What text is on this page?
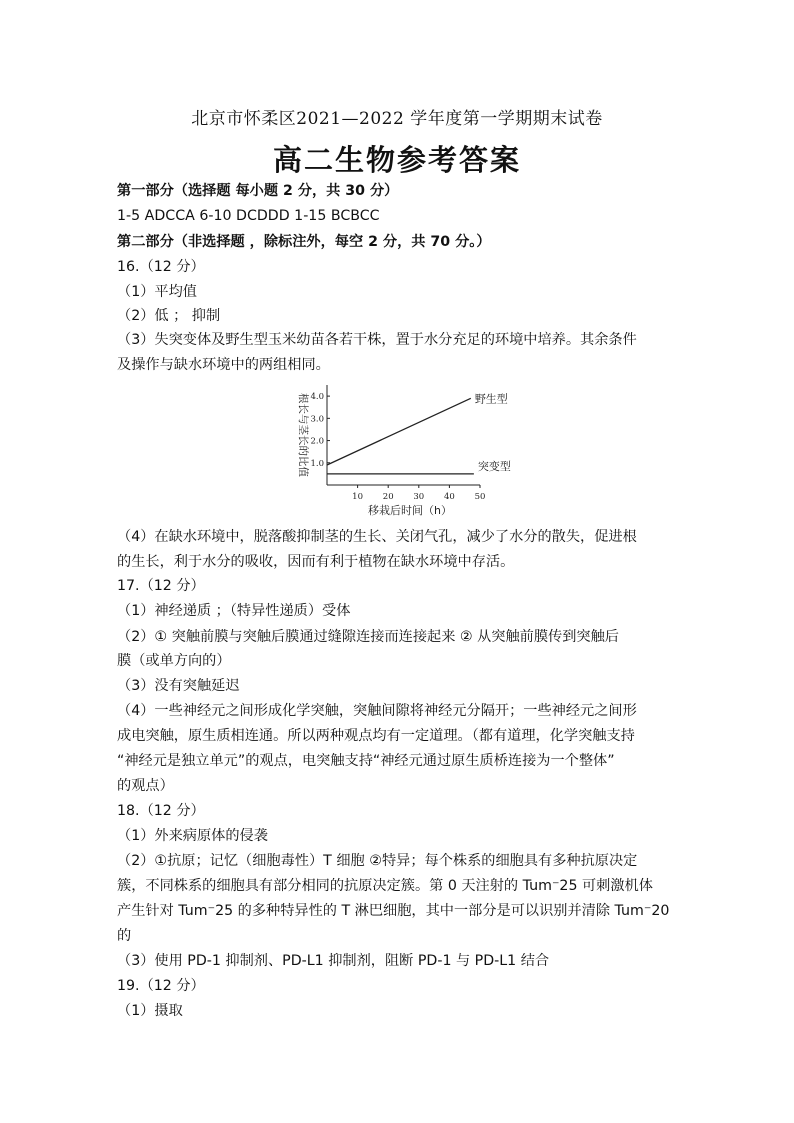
北京市怀柔区2021—2022 学年度第一学期期末试卷
高二生物参考答案
第一部分（选择题 每小题 2 分，共 30 分）
1-5 ADCCA 6-10 DCDDD 1-15 BCBCC
第二部分（非选择题 ，除标注外，每空 2 分，共 70 分。）
16.（12 分）
（1）平均值
（2）低 ； 抑制
（3）失突变体及野生型玉米幼苗各若干株，置于水分充足的环境中培养。其余条件
及操作与缺水环境中的两组相同。
10 20 30 40 50
1.0
2.0
3.0
4.0	野生型
突变型
移栽后时间（h）
根长与茎长的比值
（4）在缺水环境中，脱落酸抑制茎的生长、关闭气孔，减少了水分的散失，促进根
的生长，利于水分的吸收，因而有利于植物在缺水环境中存活。
17.（12 分）
（1）神经递质 ；（特异性递质）受体
（2）① 突触前膜与突触后膜通过缝隙连接而连接起来 ② 从突触前膜传到突触后
膜（或单方向的）
（3）没有突触延迟
（4）一些神经元之间形成化学突触，突触间隙将神经元分隔开；一些神经元之间形
成电突触，原生质相连通。所以两种观点均有一定道理。（都有道理，化学突触支持
“神经元是独立单元”的观点，电突触支持“神经元通过原生质桥连接为一个整体”
的观点）
18.（12 分）
（1）外来病原体的侵袭
（2）①抗原；记忆（细胞毒性）T 细胞 ②特异；每个株系的细胞具有多种抗原决定
簇，不同株系的细胞具有部分相同的抗原决定簇。第 0 天注射的 Tum⁻25 可刺激机体
产生针对 Tum⁻25 的多种特异性的 T 淋巴细胞，其中一部分是可以识别并清除 Tum⁻20
的
（3）使用 PD-1 抑制剂、PD-L1 抑制剂，阻断 PD-1 与 PD-L1 结合
19.（12 分）
（1）摄取
